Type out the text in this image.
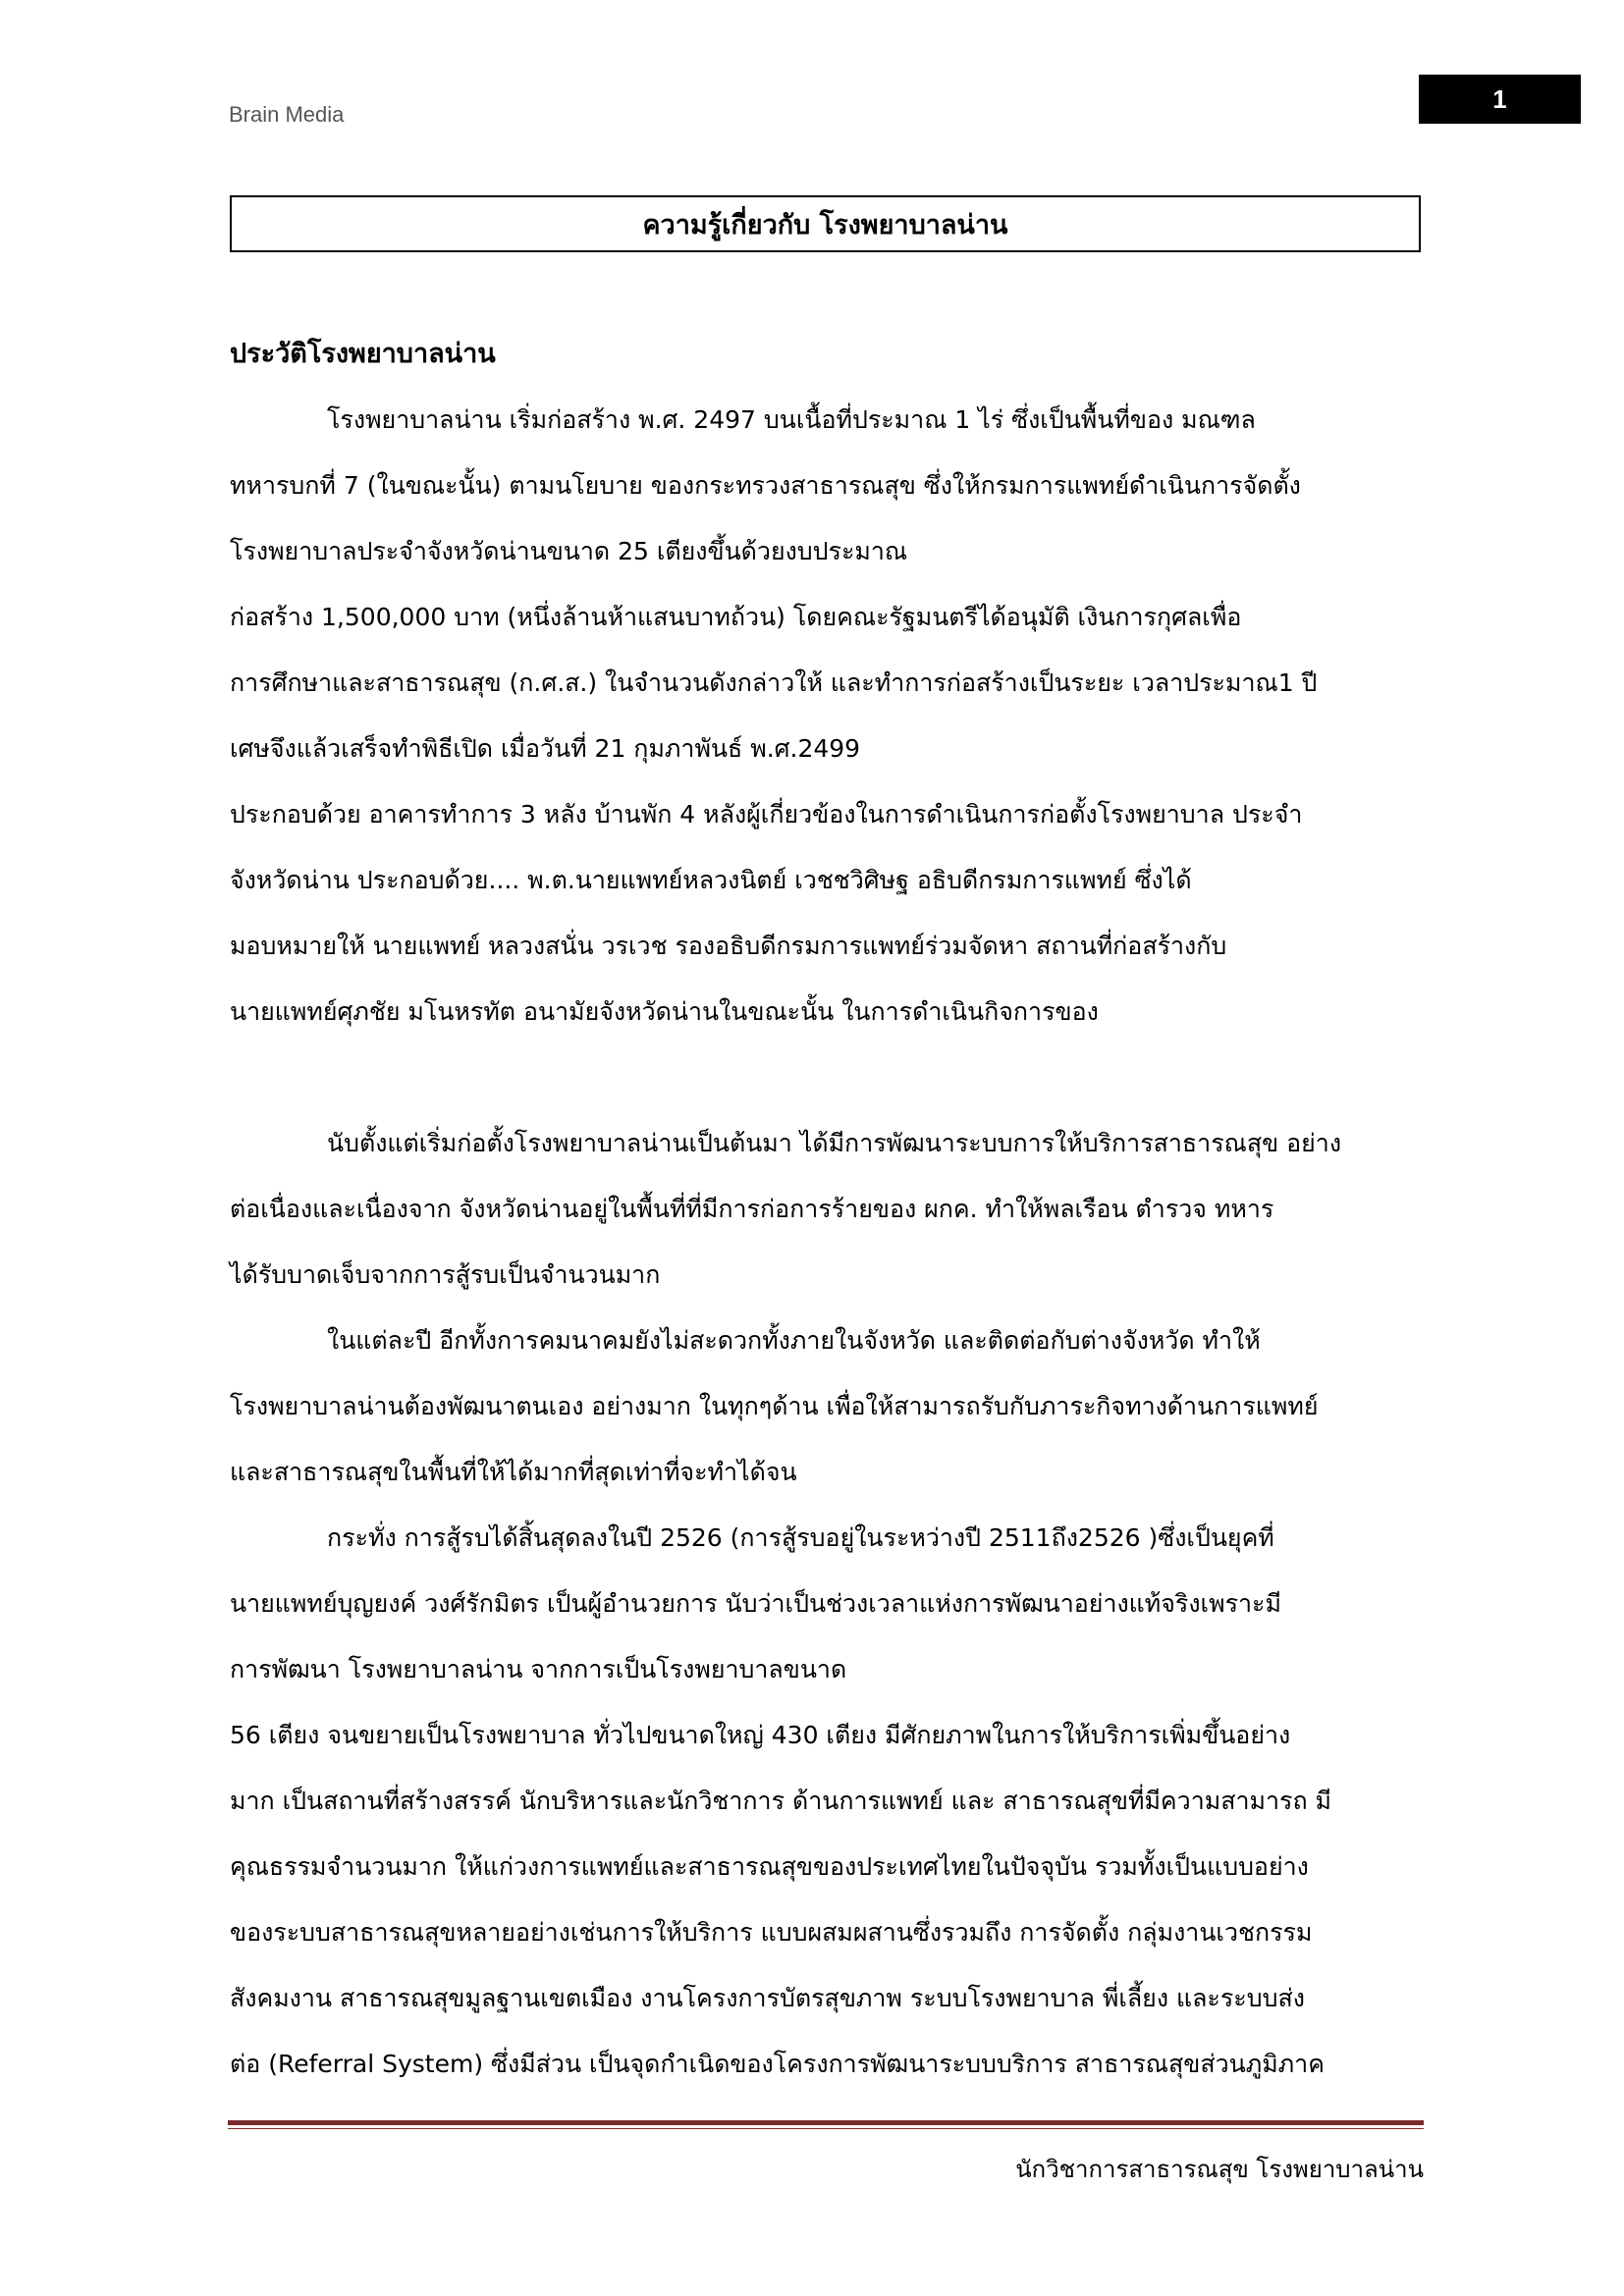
Brain Media
1
ความรู้เกี่ยวกับ โรงพยาบาลน่าน
ประวัติโรงพยาบาลน่าน
โรงพยาบาลน่าน เริ่มก่อสร้าง พ.ศ. 2497 บนเนื้อที่ประมาณ 1 ไร่ ซึ่งเป็นพื้นที่ของ มณฑล
ทหารบกที่ 7 (ในขณะนั้น) ตามนโยบาย ของกระทรวงสาธารณสุข ซึ่งให้กรมการแพทย์ดำเนินการจัดตั้ง
โรงพยาบาลประจำจังหวัดน่านขนาด 25 เตียงขึ้นด้วยงบประมาณ
ก่อสร้าง 1,500,000 บาท (หนึ่งล้านห้าแสนบาทถ้วน) โดยคณะรัฐมนตรีได้อนุมัติ เงินการกุศลเพื่อ
การศึกษาและสาธารณสุข (ก.ศ.ส.) ในจำนวนดังกล่าวให้ และทำการก่อสร้างเป็นระยะ เวลาประมาณ1 ปี
เศษจึงแล้วเสร็จทำพิธีเปิด เมื่อวันที่ 21 กุมภาพันธ์ พ.ศ.2499
ประกอบด้วย อาคารทำการ 3 หลัง บ้านพัก 4 หลังผู้เกี่ยวข้องในการดำเนินการก่อตั้งโรงพยาบาล ประจำ
จังหวัดน่าน ประกอบด้วย.... พ.ต.นายแพทย์หลวงนิตย์ เวชชวิศิษฐ อธิบดีกรมการแพทย์ ซึ่งได้
มอบหมายให้ นายแพทย์ หลวงสนั่น วรเวช รองอธิบดีกรมการแพทย์ร่วมจัดหา สถานที่ก่อสร้างกับ
นายแพทย์ศุภชัย มโนหรทัต อนามัยจังหวัดน่านในขณะนั้น ในการดำเนินกิจการของ
นับตั้งแต่เริ่มก่อตั้งโรงพยาบาลน่านเป็นต้นมา ได้มีการพัฒนาระบบการให้บริการสาธารณสุข อย่าง
ต่อเนื่องและเนื่องจาก จังหวัดน่านอยู่ในพื้นที่ที่มีการก่อการร้ายของ ผกค. ทำให้พลเรือน ตำรวจ ทหาร
ได้รับบาดเจ็บจากการสู้รบเป็นจำนวนมาก
ในแต่ละปี อีกทั้งการคมนาคมยังไม่สะดวกทั้งภายในจังหวัด และติดต่อกับต่างจังหวัด ทำให้
โรงพยาบาลน่านต้องพัฒนาตนเอง อย่างมาก ในทุกๆด้าน เพื่อให้สามารถรับกับภาระกิจทางด้านการแพทย์
และสาธารณสุขในพื้นที่ให้ได้มากที่สุดเท่าที่จะทำได้จน
กระทั่ง การสู้รบได้สิ้นสุดลงในปี 2526 (การสู้รบอยู่ในระหว่างปี 2511ถึง2526 )ซึ่งเป็นยุคที่
นายแพทย์บุญยงค์ วงศ์รักมิตร เป็นผู้อำนวยการ นับว่าเป็นช่วงเวลาแห่งการพัฒนาอย่างแท้จริงเพราะมี
การพัฒนา โรงพยาบาลน่าน จากการเป็นโรงพยาบาลขนาด
56 เตียง จนขยายเป็นโรงพยาบาล ทั่วไปขนาดใหญ่ 430 เตียง มีศักยภาพในการให้บริการเพิ่มขึ้นอย่าง
มาก เป็นสถานที่สร้างสรรค์ นักบริหารและนักวิชาการ ด้านการแพทย์ และ สาธารณสุขที่มีความสามารถ มี
คุณธรรมจำนวนมาก ให้แก่วงการแพทย์และสาธารณสุขของประเทศไทยในปัจจุบัน รวมทั้งเป็นแบบอย่าง
ของระบบสาธารณสุขหลายอย่างเช่นการให้บริการ แบบผสมผสานซึ่งรวมถึง การจัดตั้ง กลุ่มงานเวชกรรม
สังคมงาน สาธารณสุขมูลฐานเขตเมือง งานโครงการบัตรสุขภาพ ระบบโรงพยาบาล พี่เลี้ยง และระบบส่ง
ต่อ (Referral System) ซึ่งมีส่วน เป็นจุดกำเนิดของโครงการพัฒนาระบบบริการ สาธารณสุขส่วนภูมิภาค
นักวิชาการสาธารณสุข โรงพยาบาลน่าน
